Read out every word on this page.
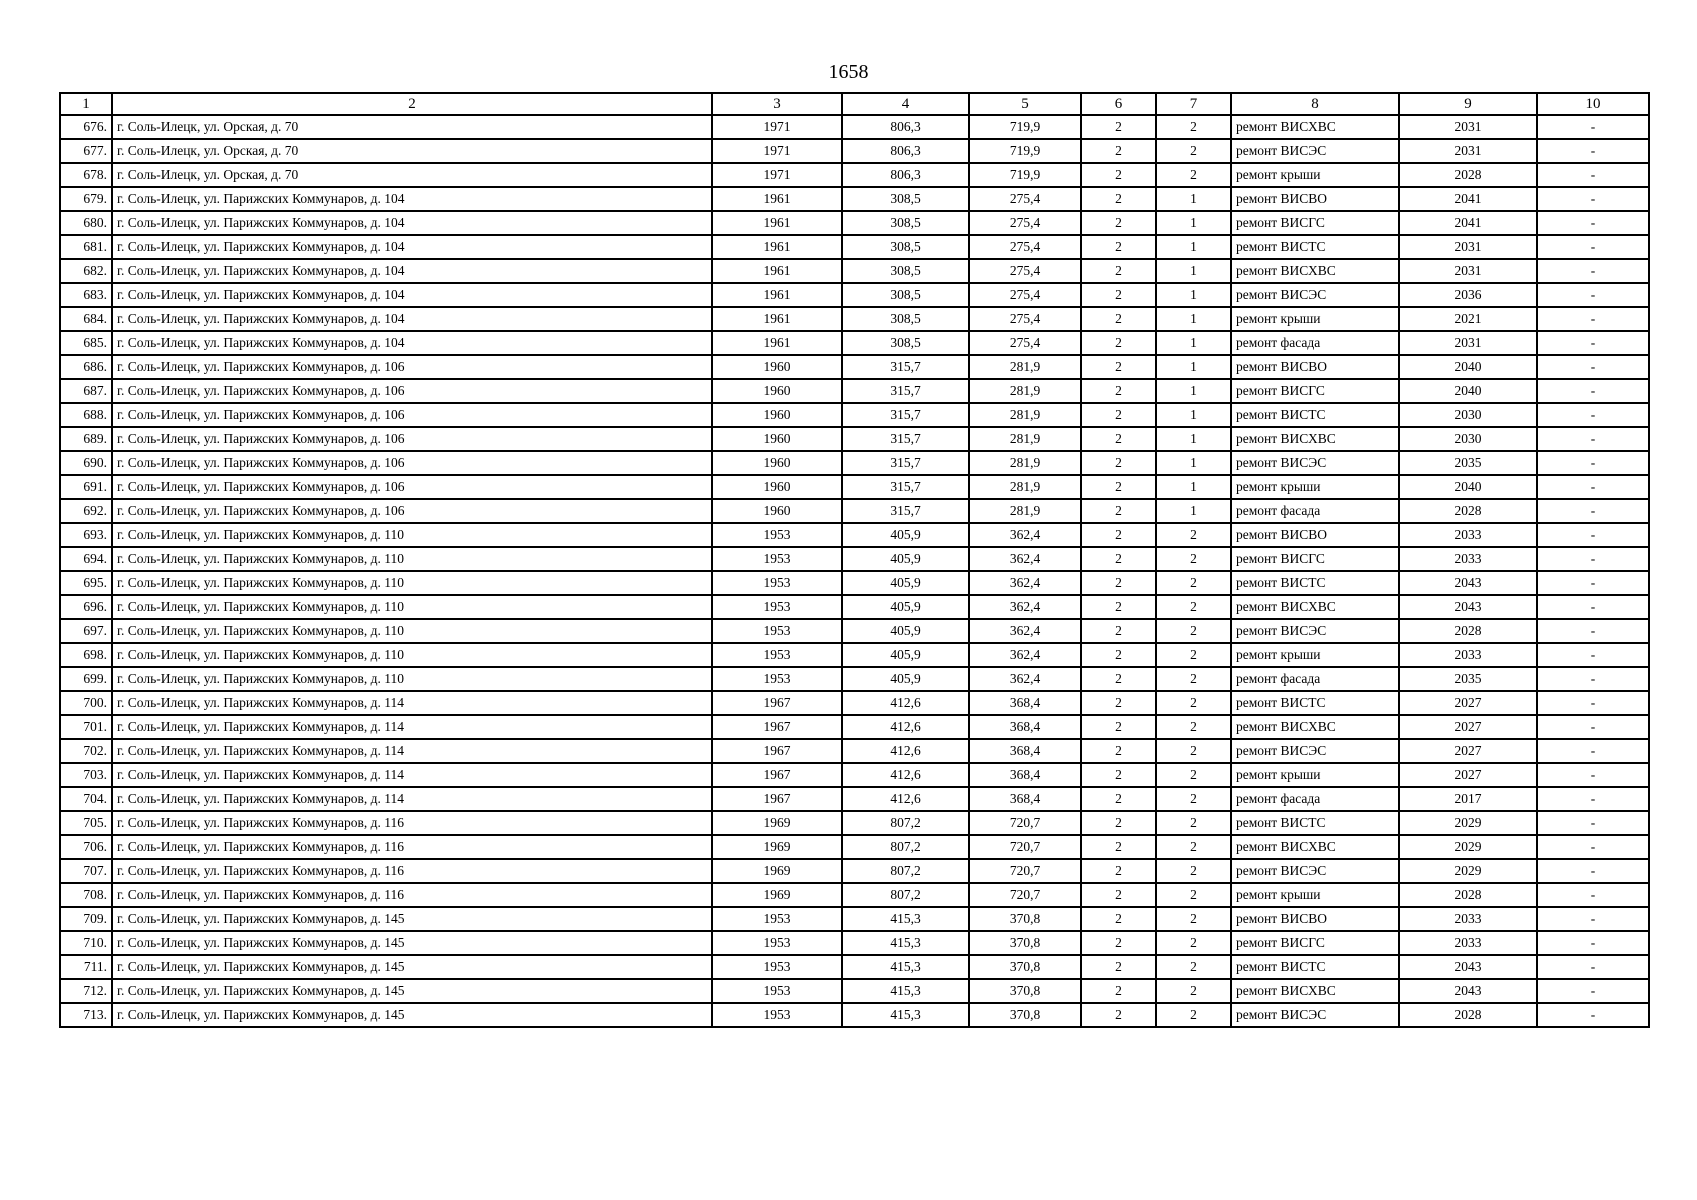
1658
1	2	3	4	5	6	7	8	9	10
676.	г. Соль-Илецк, ул. Орская, д. 70	1971	806,3	719,9	2	2	ремонт ВИСХВС	2031	-
677.	г. Соль-Илецк, ул. Орская, д. 70	1971	806,3	719,9	2	2	ремонт ВИСЭС	2031	-
678.	г. Соль-Илецк, ул. Орская, д. 70	1971	806,3	719,9	2	2	ремонт крыши	2028	-
679.	г. Соль-Илецк, ул. Парижских Коммунаров, д. 104	1961	308,5	275,4	2	1	ремонт ВИСВО	2041	-
680.	г. Соль-Илецк, ул. Парижских Коммунаров, д. 104	1961	308,5	275,4	2	1	ремонт ВИСГС	2041	-
681.	г. Соль-Илецк, ул. Парижских Коммунаров, д. 104	1961	308,5	275,4	2	1	ремонт ВИСТС	2031	-
682.	г. Соль-Илецк, ул. Парижских Коммунаров, д. 104	1961	308,5	275,4	2	1	ремонт ВИСХВС	2031	-
683.	г. Соль-Илецк, ул. Парижских Коммунаров, д. 104	1961	308,5	275,4	2	1	ремонт ВИСЭС	2036	-
684.	г. Соль-Илецк, ул. Парижских Коммунаров, д. 104	1961	308,5	275,4	2	1	ремонт крыши	2021	-
685.	г. Соль-Илецк, ул. Парижских Коммунаров, д. 104	1961	308,5	275,4	2	1	ремонт фасада	2031	-
686.	г. Соль-Илецк, ул. Парижских Коммунаров, д. 106	1960	315,7	281,9	2	1	ремонт ВИСВО	2040	-
687.	г. Соль-Илецк, ул. Парижских Коммунаров, д. 106	1960	315,7	281,9	2	1	ремонт ВИСГС	2040	-
688.	г. Соль-Илецк, ул. Парижских Коммунаров, д. 106	1960	315,7	281,9	2	1	ремонт ВИСТС	2030	-
689.	г. Соль-Илецк, ул. Парижских Коммунаров, д. 106	1960	315,7	281,9	2	1	ремонт ВИСХВС	2030	-
690.	г. Соль-Илецк, ул. Парижских Коммунаров, д. 106	1960	315,7	281,9	2	1	ремонт ВИСЭС	2035	-
691.	г. Соль-Илецк, ул. Парижских Коммунаров, д. 106	1960	315,7	281,9	2	1	ремонт крыши	2040	-
692.	г. Соль-Илецк, ул. Парижских Коммунаров, д. 106	1960	315,7	281,9	2	1	ремонт фасада	2028	-
693.	г. Соль-Илецк, ул. Парижских Коммунаров, д. 110	1953	405,9	362,4	2	2	ремонт ВИСВО	2033	-
694.	г. Соль-Илецк, ул. Парижских Коммунаров, д. 110	1953	405,9	362,4	2	2	ремонт ВИСГС	2033	-
695.	г. Соль-Илецк, ул. Парижских Коммунаров, д. 110	1953	405,9	362,4	2	2	ремонт ВИСТС	2043	-
696.	г. Соль-Илецк, ул. Парижских Коммунаров, д. 110	1953	405,9	362,4	2	2	ремонт ВИСХВС	2043	-
697.	г. Соль-Илецк, ул. Парижских Коммунаров, д. 110	1953	405,9	362,4	2	2	ремонт ВИСЭС	2028	-
698.	г. Соль-Илецк, ул. Парижских Коммунаров, д. 110	1953	405,9	362,4	2	2	ремонт крыши	2033	-
699.	г. Соль-Илецк, ул. Парижских Коммунаров, д. 110	1953	405,9	362,4	2	2	ремонт фасада	2035	-
700.	г. Соль-Илецк, ул. Парижских Коммунаров, д. 114	1967	412,6	368,4	2	2	ремонт ВИСТС	2027	-
701.	г. Соль-Илецк, ул. Парижских Коммунаров, д. 114	1967	412,6	368,4	2	2	ремонт ВИСХВС	2027	-
702.	г. Соль-Илецк, ул. Парижских Коммунаров, д. 114	1967	412,6	368,4	2	2	ремонт ВИСЭС	2027	-
703.	г. Соль-Илецк, ул. Парижских Коммунаров, д. 114	1967	412,6	368,4	2	2	ремонт крыши	2027	-
704.	г. Соль-Илецк, ул. Парижских Коммунаров, д. 114	1967	412,6	368,4	2	2	ремонт фасада	2017	-
705.	г. Соль-Илецк, ул. Парижских Коммунаров, д. 116	1969	807,2	720,7	2	2	ремонт ВИСТС	2029	-
706.	г. Соль-Илецк, ул. Парижских Коммунаров, д. 116	1969	807,2	720,7	2	2	ремонт ВИСХВС	2029	-
707.	г. Соль-Илецк, ул. Парижских Коммунаров, д. 116	1969	807,2	720,7	2	2	ремонт ВИСЭС	2029	-
708.	г. Соль-Илецк, ул. Парижских Коммунаров, д. 116	1969	807,2	720,7	2	2	ремонт крыши	2028	-
709.	г. Соль-Илецк, ул. Парижских Коммунаров, д. 145	1953	415,3	370,8	2	2	ремонт ВИСВО	2033	-
710.	г. Соль-Илецк, ул. Парижских Коммунаров, д. 145	1953	415,3	370,8	2	2	ремонт ВИСГС	2033	-
711.	г. Соль-Илецк, ул. Парижских Коммунаров, д. 145	1953	415,3	370,8	2	2	ремонт ВИСТС	2043	-
712.	г. Соль-Илецк, ул. Парижских Коммунаров, д. 145	1953	415,3	370,8	2	2	ремонт ВИСХВС	2043	-
713.	г. Соль-Илецк, ул. Парижских Коммунаров, д. 145	1953	415,3	370,8	2	2	ремонт ВИСЭС	2028	-
